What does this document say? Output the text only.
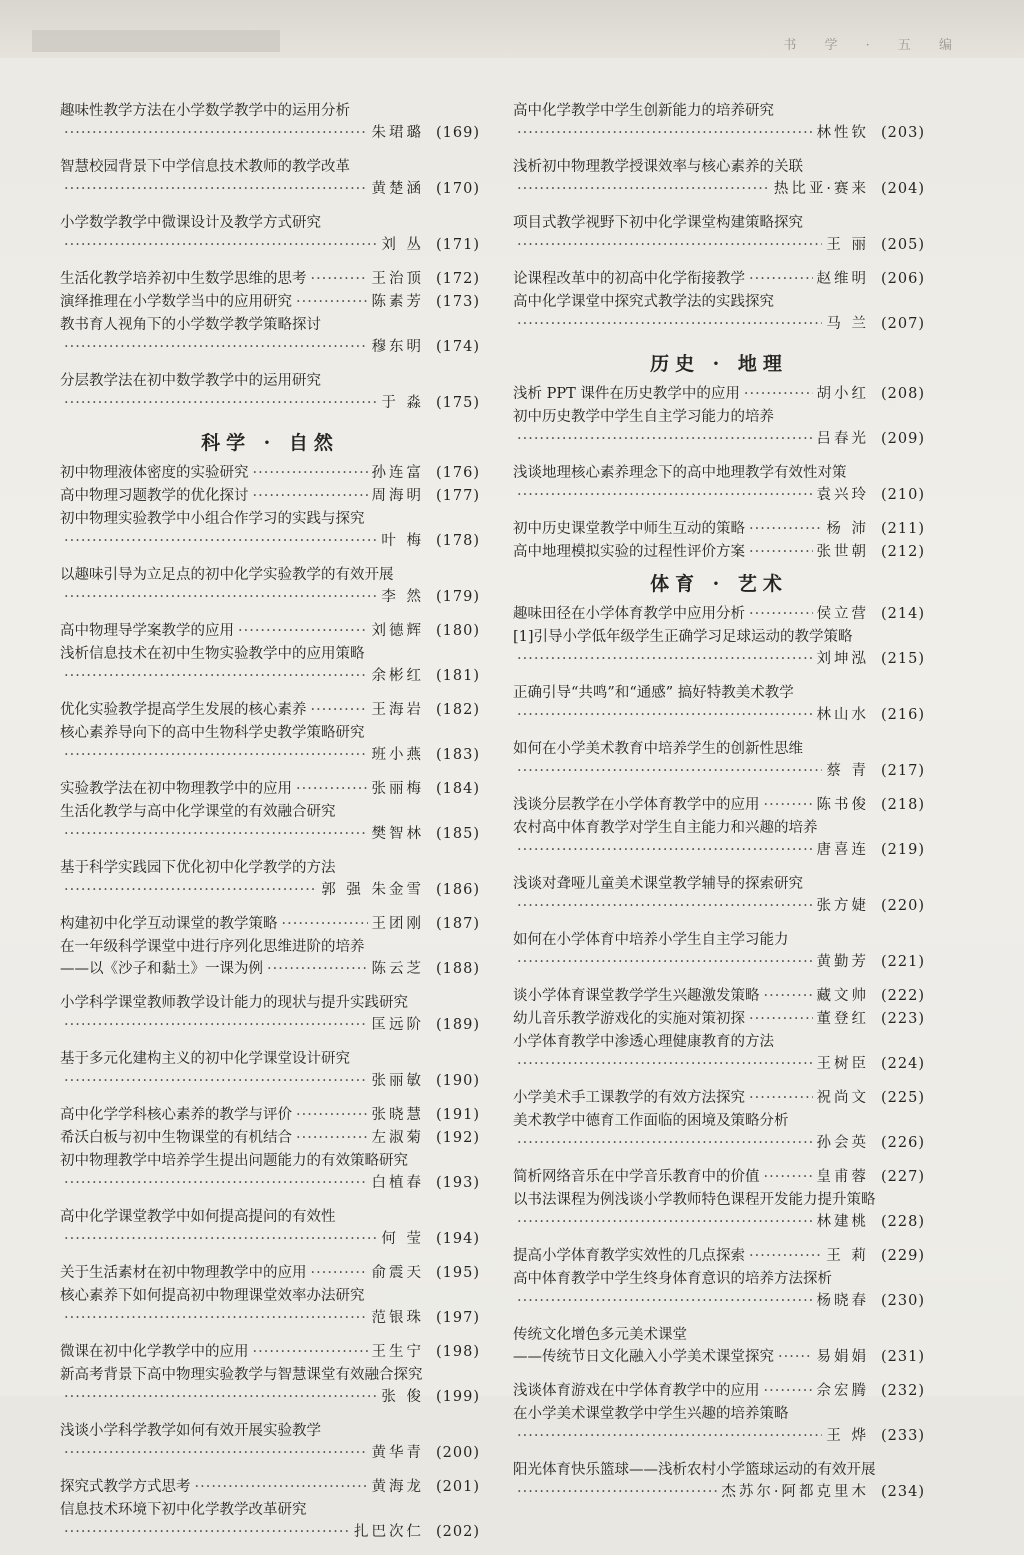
书 学 · 五 编
趣味性教学方法在小学数学教学中的运用分析
·····
朱珺璐 (169)
智慧校园背景下中学信息技术教师的教学改革
·····
黄楚涵 (170)
小学数学教学中微课设计及教学方式研究
·····
刘 丛 (171)
生活化教学培养初中生数学思维的思考 ·····	王治顶 (172)
演绎推理在小学数学当中的应用研究 ·····	陈素芳 (173)
教书育人视角下的小学数学教学策略探讨
·····
穆东明 (174)
分层教学法在初中数学教学中的运用研究
·····
于 淼 (175)
科学 · 自然
初中物理液体密度的实验研究 ·····	孙连富 (176)
高中物理习题教学的优化探讨 ·····	周海明 (177)
初中物理实验教学中小组合作学习的实践与探究
·····
叶 梅 (178)
以趣味引导为立足点的初中化学实验教学的有效开展
·····
李 然 (179)
高中物理导学案教学的应用 ·····	刘德辉 (180)
浅析信息技术在初中生物实验教学中的应用策略
·····
余彬红 (181)
优化实验教学提高学生发展的核心素养 ·····	王海岩 (182)
核心素养导向下的高中生物科学史教学策略研究
·····
班小燕 (183)
实验教学法在初中物理教学中的应用 ·····	张丽梅 (184)
生活化教学与高中化学课堂的有效融合研究
·····
樊智林 (185)
基于科学实践园下优化初中化学教学的方法
·····
郭 强 朱金雪 (186)
构建初中化学互动课堂的教学策略 ·····	王团刚 (187)
在一年级科学课堂中进行序列化思维进阶的培养
——以《沙子和黏土》一课为例 ·····	陈云芝 (188)
小学科学课堂教师教学设计能力的现状与提升实践研究
·····
匡远阶 (189)
基于多元化建构主义的初中化学课堂设计研究
·····
张丽敏 (190)
高中化学学科核心素养的教学与评价 ·····	张晓慧 (191)
希沃白板与初中生物课堂的有机结合 ·····	左淑菊 (192)
初中物理教学中培养学生提出问题能力的有效策略研究
·····
白植春 (193)
高中化学课堂教学中如何提高提问的有效性
·····
何 莹 (194)
关于生活素材在初中物理教学中的应用 ·····	俞震天 (195)
核心素养下如何提高初中物理课堂效率办法研究
·····
范银珠 (197)
微课在初中化学教学中的应用 ·····	王生宁 (198)
新高考背景下高中物理实验教学与智慧课堂有效融合探究
·····
张 俊 (199)
浅谈小学科学教学如何有效开展实验教学
·····
黄华青 (200)
探究式教学方式思考 ·····	黄海龙 (201)
信息技术环境下初中化学教学改革研究
·····
扎巴次仁 (202)
高中化学教学中学生创新能力的培养研究
·····
林性钦 (203)
浅析初中物理教学授课效率与核心素养的关联
·····
热比亚·赛来 (204)
项目式教学视野下初中化学课堂构建策略探究
·····
王 丽 (205)
论课程改革中的初高中化学衔接教学 ·····	赵维明 (206)
高中化学课堂中探究式教学法的实践探究
·····
马 兰 (207)
历史 · 地理
浅析 PPT 课件在历史教学中的应用 ·····	胡小红 (208)
初中历史教学中学生自主学习能力的培养
·····
吕春光 (209)
浅谈地理核心素养理念下的高中地理教学有效性对策
·····
袁兴玲 (210)
初中历史课堂教学中师生互动的策略 ·····	杨 沛 (211)
高中地理模拟实验的过程性评价方案 ·····	张世朝 (212)
体育 · 艺术
趣味田径在小学体育教学中应用分析 ·····	侯立营 (214)
[1]引导小学低年级学生正确学习足球运动的教学策略
·····
刘坤泓 (215)
正确引导“共鸣”和“通感” 搞好特教美术教学
·····
林山水 (216)
如何在小学美术教育中培养学生的创新性思维
·····
蔡 青 (217)
浅谈分层教学在小学体育教学中的应用 ·····	陈书俊 (218)
农村高中体育教学对学生自主能力和兴趣的培养
·····
唐喜连 (219)
浅谈对聋哑儿童美术课堂教学辅导的探索研究
·····
张方婕 (220)
如何在小学体育中培养小学生自主学习能力
·····
黄勤芳 (221)
谈小学体育课堂教学学生兴趣激发策略 ·····	藏文帅 (222)
幼儿音乐教学游戏化的实施对策初探 ·····	董登红 (223)
小学体育教学中渗透心理健康教育的方法
·····
王树臣 (224)
小学美术手工课教学的有效方法探究 ·····	祝尚文 (225)
美术教学中德育工作面临的困境及策略分析
·····
孙会英 (226)
简析网络音乐在中学音乐教育中的价值 ·····	皇甫蓉 (227)
以书法课程为例浅谈小学教师特色课程开发能力提升策略
·····
林建桃 (228)
提高小学体育教学实效性的几点探索 ·····	王 莉 (229)
高中体育教学中学生终身体育意识的培养方法探析
·····
杨晓春 (230)
传统文化增色多元美术课堂
——传统节日文化融入小学美术课堂探究 ·····	易娟娟 (231)
浅谈体育游戏在中学体育教学中的应用 ·····	佘宏腾 (232)
在小学美术课堂教学中学生兴趣的培养策略
·····
王 烨 (233)
阳光体育快乐篮球——浅析农村小学篮球运动的有效开展
·····
杰苏尔·阿都克里木 (234)
